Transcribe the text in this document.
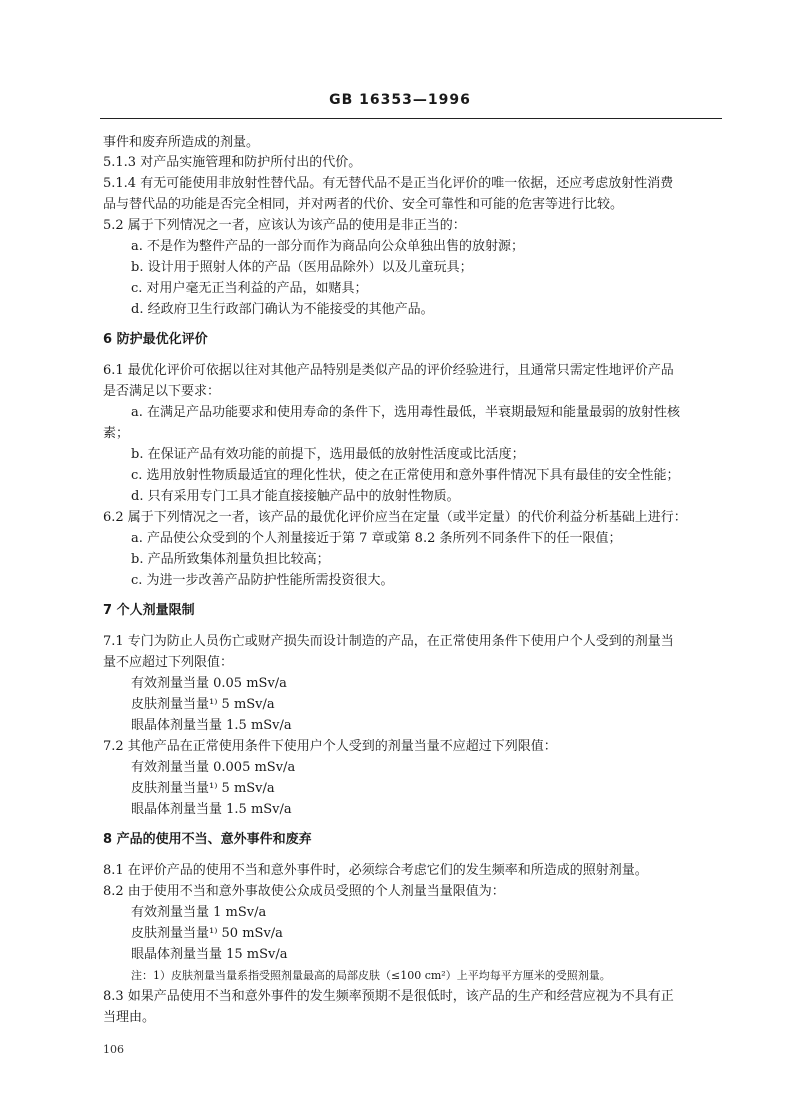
GB 16353—1996
事件和废弃所造成的剂量。
5.1.3 对产品实施管理和防护所付出的代价。
5.1.4 有无可能使用非放射性替代品。有无替代品不是正当化评价的唯一依据，还应考虑放射性消费
品与替代品的功能是否完全相同，并对两者的代价、安全可靠性和可能的危害等进行比较。
5.2 属于下列情况之一者，应该认为该产品的使用是非正当的：
a. 不是作为整件产品的一部分而作为商品向公众单独出售的放射源；
b. 设计用于照射人体的产品（医用品除外）以及儿童玩具；
c. 对用户毫无正当利益的产品，如赌具；
d. 经政府卫生行政部门确认为不能接受的其他产品。
6 防护最优化评价
6.1 最优化评价可依据以往对其他产品特别是类似产品的评价经验进行，且通常只需定性地评价产品
是否满足以下要求：
a. 在满足产品功能要求和使用寿命的条件下，选用毒性最低，半衰期最短和能量最弱的放射性核
素；
b. 在保证产品有效功能的前提下，选用最低的放射性活度或比活度；
c. 选用放射性物质最适宜的理化性状，使之在正常使用和意外事件情况下具有最佳的安全性能；
d. 只有采用专门工具才能直接接触产品中的放射性物质。
6.2 属于下列情况之一者，该产品的最优化评价应当在定量（或半定量）的代价利益分析基础上进行：
a. 产品使公众受到的个人剂量接近于第 7 章或第 8.2 条所列不同条件下的任一限值；
b. 产品所致集体剂量负担比较高；
c. 为进一步改善产品防护性能所需投资很大。
7 个人剂量限制
7.1 专门为防止人员伤亡或财产损失而设计制造的产品，在正常使用条件下使用户个人受到的剂量当
量不应超过下列限值：
有效剂量当量 0.05 mSv/a
皮肤剂量当量¹⁾ 5 mSv/a
眼晶体剂量当量 1.5 mSv/a
7.2 其他产品在正常使用条件下使用户个人受到的剂量当量不应超过下列限值：
有效剂量当量 0.005 mSv/a
皮肤剂量当量¹⁾ 5 mSv/a
眼晶体剂量当量 1.5 mSv/a
8 产品的使用不当、意外事件和废弃
8.1 在评价产品的使用不当和意外事件时，必须综合考虑它们的发生频率和所造成的照射剂量。
8.2 由于使用不当和意外事故使公众成员受照的个人剂量当量限值为：
有效剂量当量 1 mSv/a
皮肤剂量当量¹⁾ 50 mSv/a
眼晶体剂量当量 15 mSv/a
注：1）皮肤剂量当量系指受照剂量最高的局部皮肤（≤100 cm²）上平均每平方厘米的受照剂量。
8.3 如果产品使用不当和意外事件的发生频率预期不是很低时，该产品的生产和经营应视为不具有正
当理由。
106
